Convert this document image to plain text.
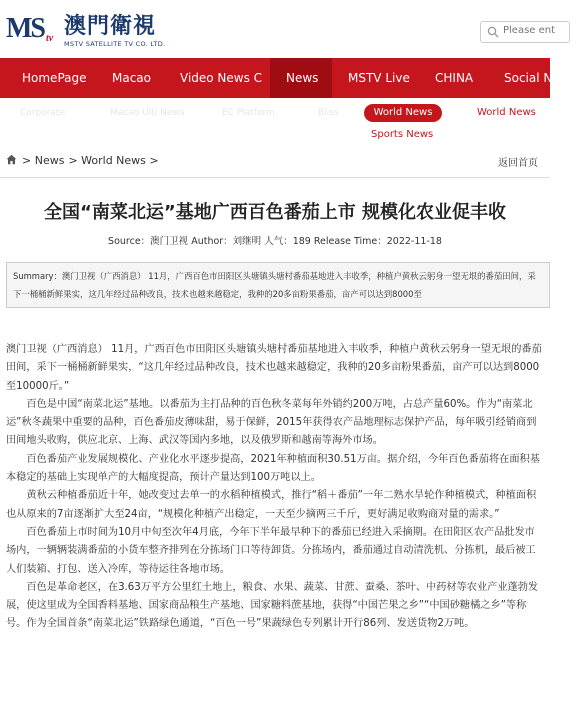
MS tv 澳門衛視
MSTV SATELLITE TV CO. LTD.
Please ent
HomePage	Macao	Video News C	News	MSTV Live	CHINA	Social Ne
Corporate	Macao Ulti News	EC Platform	Bliss	World News	World News
Sports News
> News > World News >	返回首页
全国“南菜北运”基地广西百色番茄上市 规模化农业促丰收
Source：澳门卫视 Author：刘继明 人气：189 Release Time：2022-11-18
Summary：澳门卫视（广西消息） 11月，广西百色市田阳区头塘镇头塘村番茄基地进入丰收季，种植户黄秋云躬身一望无垠的番茄田间，采下一桶桶新鲜果实，这几年经过品种改良，技术也越来越稳定，我种的20多亩粉果番茄，亩产可以达到8000至

澳门卫视（广西消息） 11月，广西百色市田阳区头塘镇头塘村番茄基地进入丰收季，种植户黄秋云躬身一望无垠的番茄田间，采下一桶桶新鲜果实，“这几年经过品种改良，技术也越来越稳定，我种的20多亩粉果番茄，亩产可以达到8000至10000斤。”

百色是中国“南菜北运”基地。以番茄为主打品种的百色秋冬菜每年外销约200万吨，占总产量60%。作为“南菜北运”秋冬蔬果中重要的品种，百色番茄皮薄味甜，易于保鲜，2015年获得农产品地理标志保护产品，每年吸引经销商到田间地头收购，供应北京、上海、武汉等国内多地，以及俄罗斯和越南等海外市场。

百色番茄产业发展规模化、产业化水平逐步提高，2021年种植面积30.51万亩。据介绍，今年百色番茄将在面积基本稳定的基础上实现单产的大幅度提高，预计产量达到100万吨以上。

黄秋云种植番茄近十年，她改变过去单一的水稻种植模式，推行“稻＋番茄”一年二熟水旱轮作种植模式，种植面积也从原来的7亩逐渐扩大至24亩，“规模化种植产出稳定，一天至少摘两三千斤，更好满足收购商对量的需求。”

百色番茄上市时间为10月中旬至次年4月底，今年下半年最早种下的番茄已经进入采摘期。在田阳区农产品批发市场内，一辆辆装满番茄的小货车整齐排列在分拣场门口等待卸货。分拣场内，番茄通过自动清洗机、分拣机，最后被工人们装箱、打包、送入冷库，等待运往各地市场。

百色是革命老区，在3.63万平方公里红土地上，粮食、水果、蔬菜、甘蔗、蚕桑、茶叶、中药材等农业产业蓬勃发展，使这里成为全国香料基地、国家商品粮生产基地、国家糖料蔗基地，获得“中国芒果之乡”“中国砂糖橘之乡”等称号。作为全国首条“南菜北运”铁路绿色通道，“百色一号”果蔬绿色专列累计开行86列、发送货物2万吨。
